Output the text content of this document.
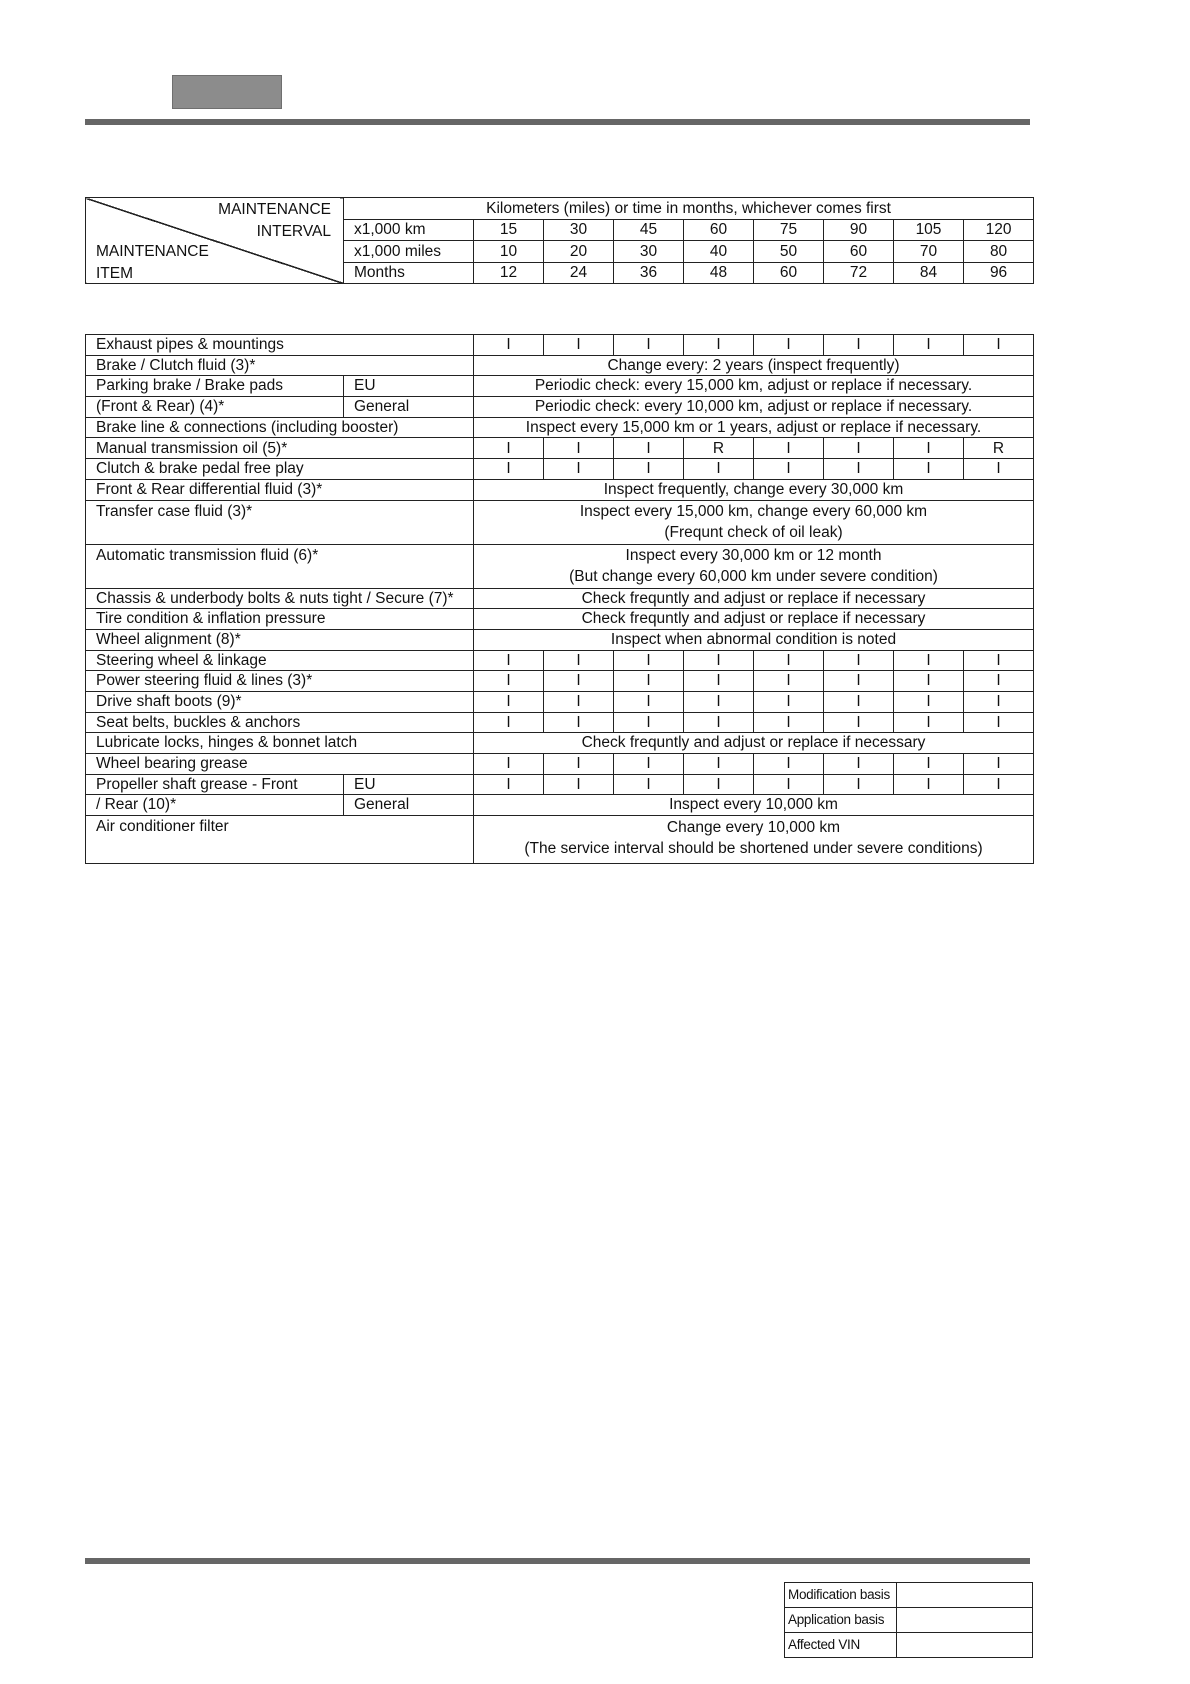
MAINTENANCE
INTERVAL
MAINTENANCE
ITEM	Kilometers (miles) or time in months, whichever comes first								
	x1,000 km	15	30	45	60	75	90	105	120
	x1,000 miles	10	20	30	40	50	60	70	80
	Months	12	24	36	48	60	72	84	96
Exhaust pipes & mountings		I	I	I	I	I	I	I	I
Brake / Clutch fluid (3)*		Change every: 2 years (inspect frequently)							
Parking brake / Brake pads	EU	Periodic check: every 15,000 km, adjust or replace if necessary.							
(Front & Rear) (4)*	General	Periodic check: every 10,000 km, adjust or replace if necessary.							
Brake line & connections (including booster)		Inspect every 15,000 km or 1 years, adjust or replace if necessary.							
Manual transmission oil (5)*		I	I	I	R	I	I	I	R
Clutch & brake pedal free play		I	I	I	I	I	I	I	I
Front & Rear differential fluid (3)*		Inspect frequently, change every 30,000 km							
Transfer case fluid (3)*		Inspect every 15,000 km, change every 60,000 km
(Frequnt check of oil leak)							

Automatic transmission fluid (6)*		Inspect every 30,000 km or 12 month
(But change every 60,000 km under severe condition)							

Chassis & underbody bolts & nuts tight / Secure (7)*		Check frequntly and adjust or replace if necessary							
Tire condition & inflation pressure		Check frequntly and adjust or replace if necessary							
Wheel alignment (8)*		Inspect when abnormal condition is noted							
Steering wheel & linkage		I	I	I	I	I	I	I	I
Power steering fluid & lines (3)*		I	I	I	I	I	I	I	I
Drive shaft boots (9)*		I	I	I	I	I	I	I	I
Seat belts, buckles & anchors		I	I	I	I	I	I	I	I
Lubricate locks, hinges & bonnet latch		Check frequntly and adjust or replace if necessary							
Wheel bearing grease		I	I	I	I	I	I	I	I
Propeller shaft grease - Front	EU	I	I	I	I	I	I	I	I
/ Rear (10)*	General	Inspect every 10,000 km							
Air conditioner filter		Change every 10,000 km
(The service interval should be shortened under severe conditions)							
Modification basis	
Application basis	
Affected VIN	
